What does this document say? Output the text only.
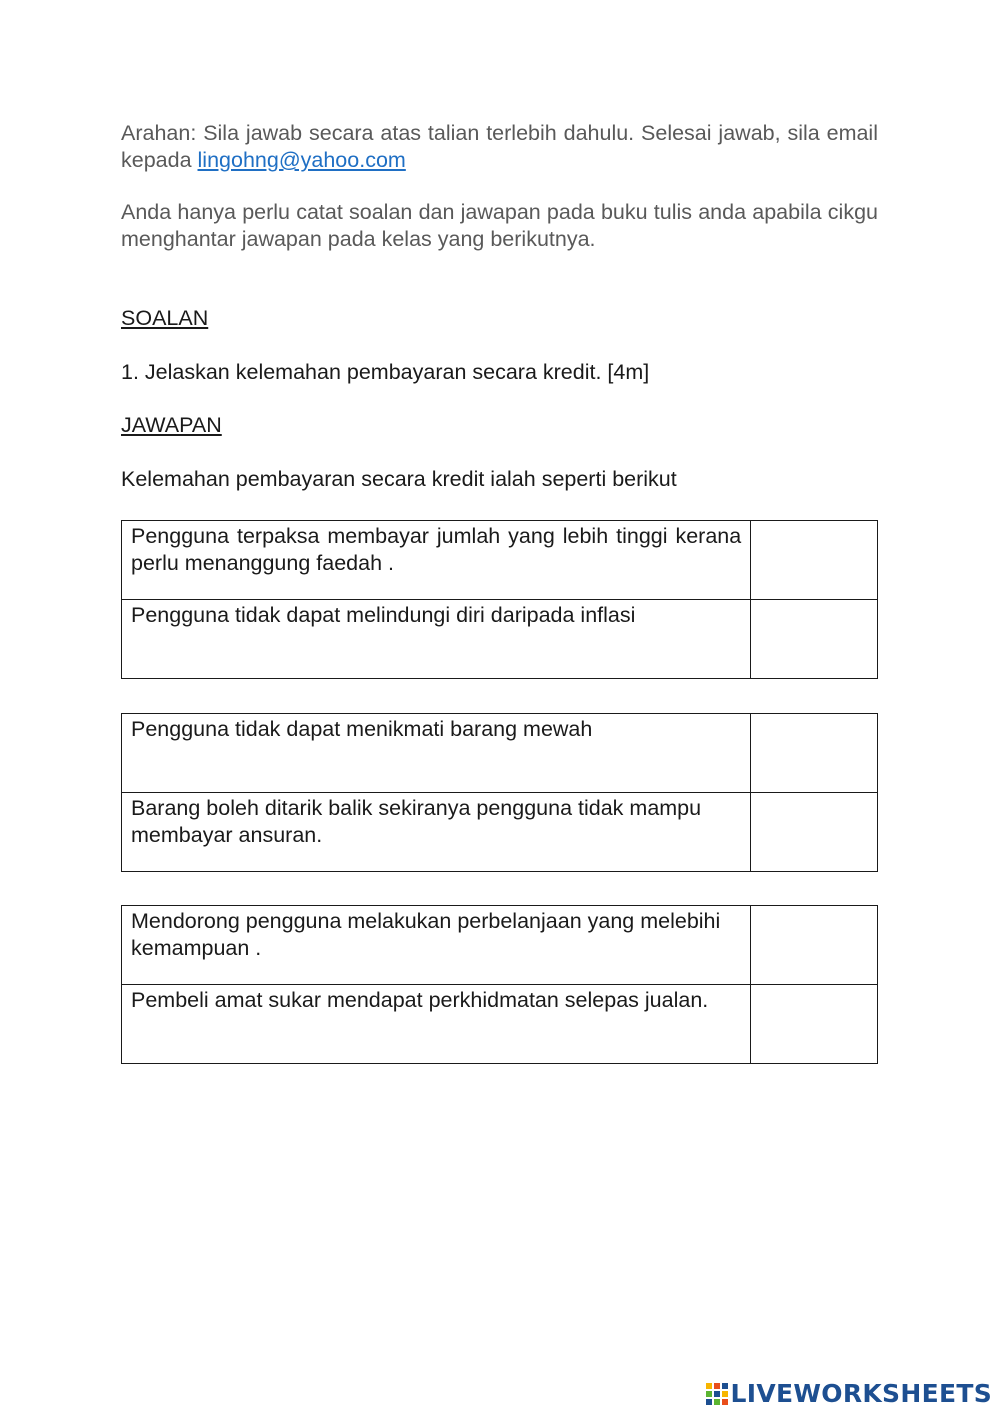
Arahan: Sila jawab secara atas talian terlebih dahulu. Selesai jawab, sila email kepada lingohng@yahoo.com

Anda hanya perlu catat soalan dan jawapan pada buku tulis anda apabila cikgu menghantar jawapan pada kelas yang berikutnya.

SOALAN

1. Jelaskan kelemahan pembayaran secara kredit. [4m]

JAWAPAN

Kelemahan pembayaran secara kredit ialah seperti berikut

Pengguna terpaksa membayar jumlah yang lebih tinggi kerana perlu menanggung faedah .	
Pengguna tidak dapat melindungi diri daripada inflasi	
Pengguna tidak dapat menikmati barang mewah	
Barang boleh ditarik balik sekiranya pengguna tidak mampu membayar ansuran.	
Mendorong pengguna melakukan perbelanjaan yang melebihi kemampuan .	
Pembeli amat sukar mendapat perkhidmatan selepas jualan.	
LIVEWORKSHEETS
